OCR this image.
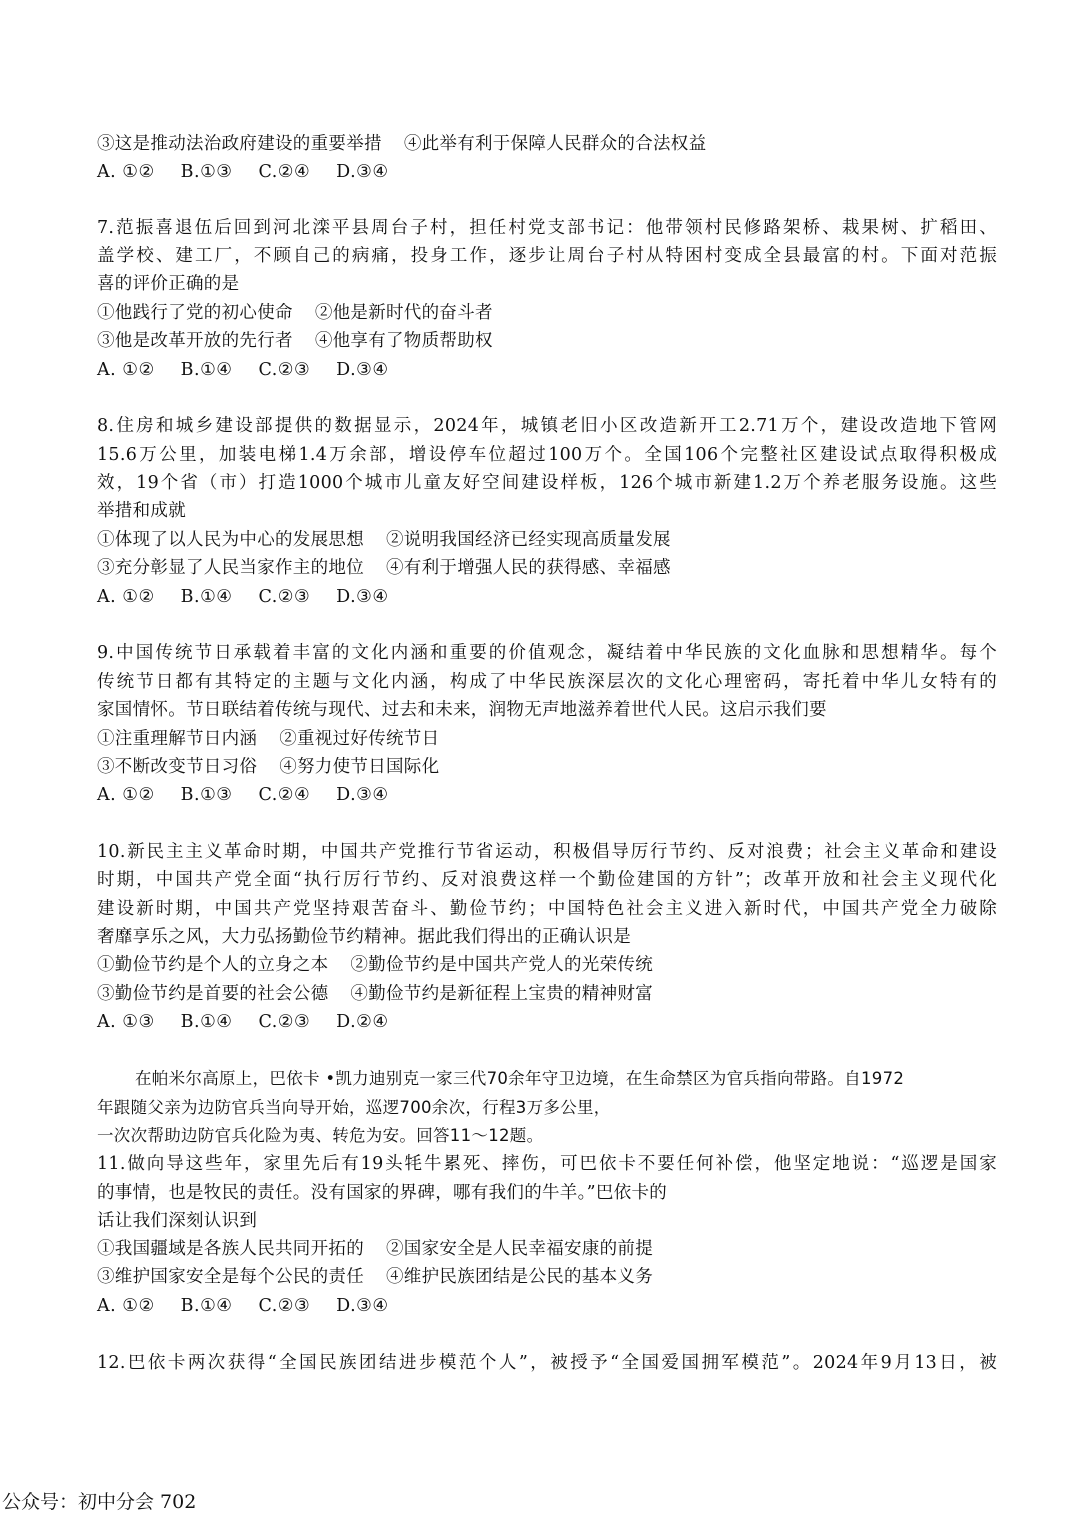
③这是推动法治政府建设的重要举措 ④此举有利于保障人民群众的合法权益
A. ①② B.①③ C.②④ D.③④
7.范振喜退伍后回到河北滦平县周台子村，担任村党支部书记：他带领村民修路架桥、栽果树、扩稻田、
盖学校、建工厂，不顾自己的病痛，投身工作，逐步让周台子村从特困村变成全县最富的村。下面对范振
喜的评价正确的是
①他践行了党的初心使命 ②他是新时代的奋斗者
③他是改革开放的先行者 ④他享有了物质帮助权
A. ①② B.①④ C.②③ D.③④
8.住房和城乡建设部提供的数据显示，2024年，城镇老旧小区改造新开工2.71万个，建设改造地下管网
15.6万公里，加装电梯1.4万余部，增设停车位超过100万个。全国106个完整社区建设试点取得积极成
效，19个省（市）打造1000个城市儿童友好空间建设样板，126个城市新建1.2万个养老服务设施。这些
举措和成就
①体现了以人民为中心的发展思想 ②说明我国经济已经实现高质量发展
③充分彰显了人民当家作主的地位 ④有利于增强人民的获得感、幸福感
A. ①② B.①④ C.②③ D.③④
9.中国传统节日承载着丰富的文化内涵和重要的价值观念，凝结着中华民族的文化血脉和思想精华。每个
传统节日都有其特定的主题与文化内涵，构成了中华民族深层次的文化心理密码，寄托着中华儿女特有的
家国情怀。节日联结着传统与现代、过去和未来，润物无声地滋养着世代人民。这启示我们要
①注重理解节日内涵 ②重视过好传统节日
③不断改变节日习俗 ④努力使节日国际化
A. ①② B.①③ C.②④ D.③④
10.新民主主义革命时期，中国共产党推行节省运动，积极倡导厉行节约、反对浪费；社会主义革命和建设
时期，中国共产党全面“执行厉行节约、反对浪费这样一个勤俭建国的方针”；改革开放和社会主义现代化
建设新时期，中国共产党坚持艰苦奋斗、勤俭节约；中国特色社会主义进入新时代，中国共产党全力破除
奢靡享乐之风，大力弘扬勤俭节约精神。据此我们得出的正确认识是
①勤俭节约是个人的立身之本 ②勤俭节约是中国共产党人的光荣传统
③勤俭节约是首要的社会公德 ④勤俭节约是新征程上宝贵的精神财富
A. ①③ B.①④ C.②③ D.②④
在帕米尔高原上，巴依卡 •凯力迪别克一家三代70余年守卫边境，在生命禁区为官兵指向带路。自1972
年跟随父亲为边防官兵当向导开始，巡逻700余次，行程3万多公里，
一次次帮助边防官兵化险为夷、转危为安。回答11～12题。
11.做向导这些年，家里先后有19头牦牛累死、摔伤，可巴依卡不要任何补偿，他坚定地说：“巡逻是国家
的事情，也是牧民的责任。没有国家的界碑，哪有我们的牛羊。”巴依卡的
话让我们深刻认识到
①我国疆域是各族人民共同开拓的 ②国家安全是人民幸福安康的前提
③维护国家安全是每个公民的责任 ④维护民族团结是公民的基本义务
A. ①② B.①④ C.②③ D.③④
12.巴依卡两次获得“全国民族团结进步模范个人”，被授予“全国爱国拥军模范”。2024年9月13日，被
公众号：初中分会 702
